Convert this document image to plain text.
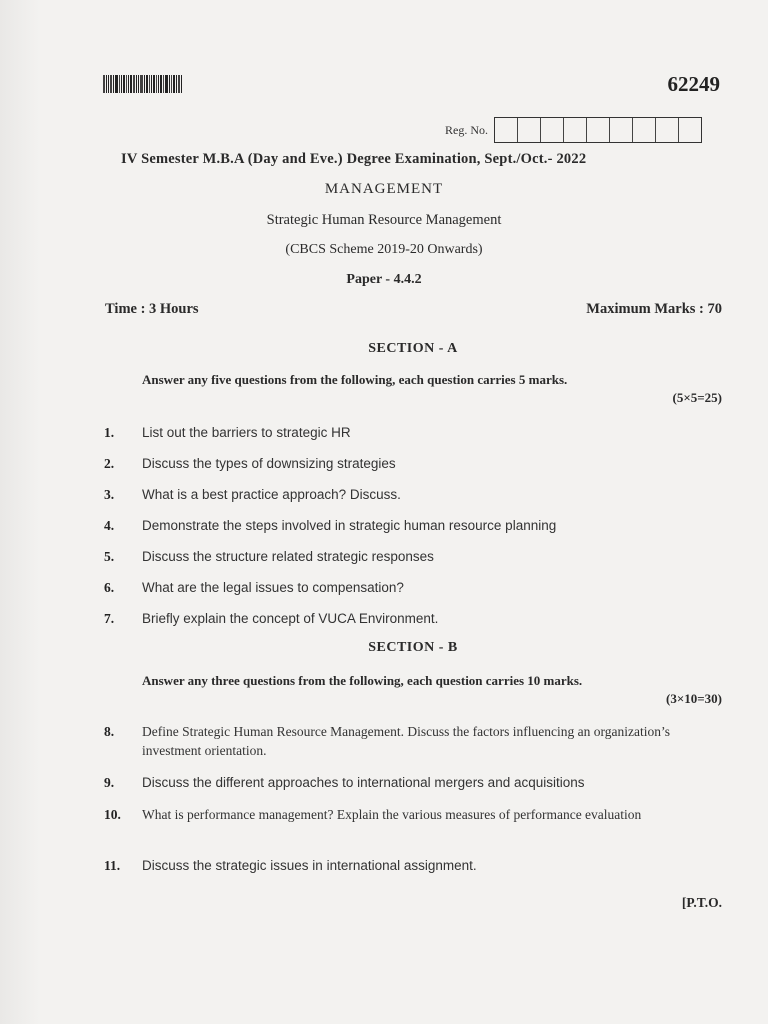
62249
Reg. No.
IV Semester M.B.A (Day and Eve.) Degree Examination, Sept./Oct.- 2022
MANAGEMENT
Strategic Human Resource Management
(CBCS Scheme 2019-20 Onwards)
Paper - 4.4.2
Time : 3 Hours	Maximum Marks : 70
SECTION - A
Answer any five questions from the following, each question carries 5 marks.
(5×5=25)
1. List out the barriers to strategic HR
2. Discuss the types of downsizing strategies
3. What is a best practice approach? Discuss.
4. Demonstrate the steps involved in strategic human resource planning
5. Discuss the structure related strategic responses
6. What are the legal issues to compensation?
7. Briefly explain the concept of VUCA Environment.
SECTION - B
Answer any three questions from the following, each question carries 10 marks.
(3×10=30)
8. Define Strategic Human Resource Management. Discuss the factors influencing an organization’s investment orientation.
9. Discuss the different approaches to international mergers and acquisitions
10. What is performance management? Explain the various measures of performance evaluation
11. Discuss the strategic issues in international assignment.
[P.T.O.
